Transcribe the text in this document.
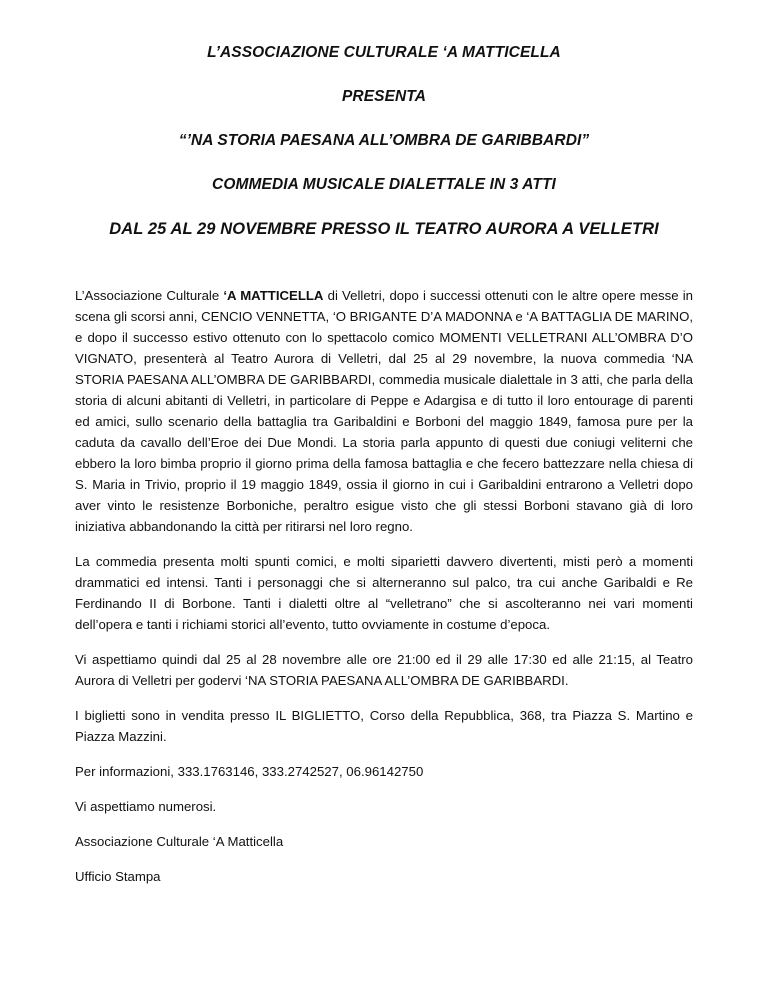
L’ASSOCIAZIONE CULTURALE ‘A MATTICELLA
PRESENTA
“’NA STORIA PAESANA ALL’OMBRA DE GARIBBARDI”
COMMEDIA MUSICALE DIALETTALE IN 3 ATTI
DAL 25 AL 29 NOVEMBRE PRESSO IL TEATRO AURORA A VELLETRI

L’Associazione Culturale ‘A MATTICELLA di Velletri, dopo i successi ottenuti con le altre opere messe in scena gli scorsi anni, CENCIO VENNETTA, ‘O BRIGANTE D’A MADONNA e ‘A BATTAGLIA DE MARINO, e dopo il successo estivo ottenuto con lo spettacolo comico MOMENTI VELLETRANI ALL’OMBRA D’O VIGNATO, presenterà al Teatro Aurora di Velletri, dal 25 al 29 novembre, la nuova commedia ‘NA STORIA PAESANA ALL’OMBRA DE GARIBBARDI, commedia musicale dialettale in 3 atti, che parla della storia di alcuni abitanti di Velletri, in particolare di Peppe e Adargisa e di tutto il loro entourage di parenti ed amici, sullo scenario della battaglia tra Garibaldini e Borboni del maggio 1849, famosa pure per la caduta da cavallo dell’Eroe dei Due Mondi. La storia parla appunto di questi due coniugi veliterni che ebbero la loro bimba proprio il giorno prima della famosa battaglia e che fecero battezzare nella chiesa di S. Maria in Trivio, proprio il 19 maggio 1849, ossia il giorno in cui i Garibaldini entrarono a Velletri dopo aver vinto le resistenze Borboniche, peraltro esigue visto che gli stessi Borboni stavano già di loro iniziativa abbandonando la città per ritirarsi nel loro regno.

La commedia presenta molti spunti comici, e molti siparietti davvero divertenti, misti però a momenti drammatici ed intensi. Tanti i personaggi che si alterneranno sul palco, tra cui anche Garibaldi e Re Ferdinando II di Borbone. Tanti i dialetti oltre al “velletrano” che si ascolteranno nei vari momenti dell’opera e tanti i richiami storici all’evento, tutto ovviamente in costume d’epoca.

Vi aspettiamo quindi dal 25 al 28 novembre alle ore 21:00 ed il 29 alle 17:30 ed alle 21:15, al Teatro Aurora di Velletri per godervi ‘NA STORIA PAESANA ALL’OMBRA DE GARIBBARDI.

I biglietti sono in vendita presso IL BIGLIETTO, Corso della Repubblica, 368, tra Piazza S. Martino e Piazza Mazzini.

Per informazioni, 333.1763146, 333.2742527, 06.96142750

Vi aspettiamo numerosi.

Associazione Culturale ‘A Matticella

Ufficio Stampa
